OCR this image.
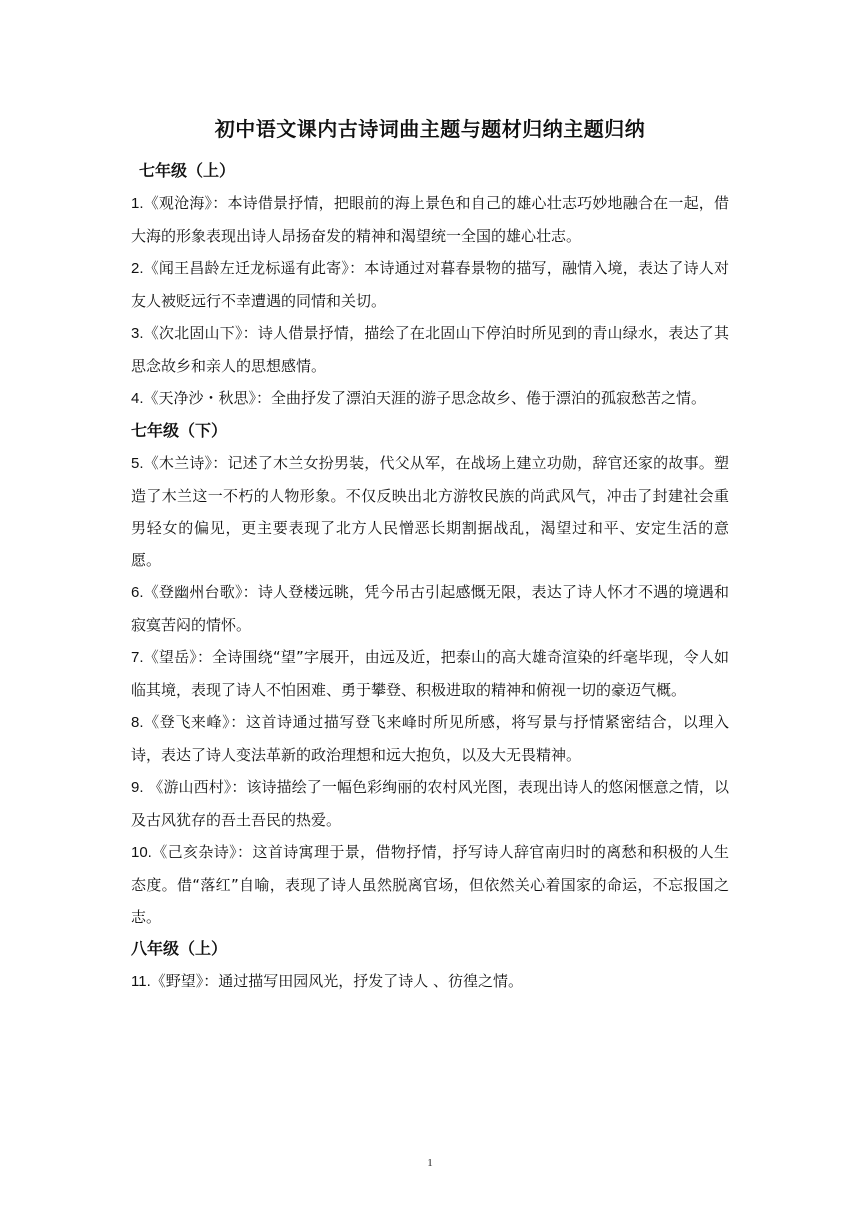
初中语文课内古诗词曲主题与题材归纳主题归纳

七年级（上）

1.《观沧海》：本诗借景抒情，把眼前的海上景色和自己的雄心壮志巧妙地融合在一起，借大海的形象表现出诗人昂扬奋发的精神和渴望统一全国的雄心壮志。

2.《闻王昌龄左迁龙标遥有此寄》：本诗通过对暮春景物的描写，融情入境，表达了诗人对友人被贬远行不幸遭遇的同情和关切。

3.《次北固山下》：诗人借景抒情，描绘了在北固山下停泊时所见到的青山绿水，表达了其思念故乡和亲人的思想感情。

4.《天净沙・秋思》：全曲抒发了漂泊天涯的游子思念故乡、倦于漂泊的孤寂愁苦之情。

七年级（下）

5.《木兰诗》：记述了木兰女扮男装，代父从军，在战场上建立功勋，辞官还家的故事。塑造了木兰这一不朽的人物形象。不仅反映出北方游牧民族的尚武风气，冲击了封建社会重男轻女的偏见，更主要表现了北方人民憎恶长期割据战乱，渴望过和平、安定生活的意愿。

6.《登幽州台歌》：诗人登楼远眺，凭今吊古引起感慨无限，表达了诗人怀才不遇的境遇和寂寞苦闷的情怀。

7.《望岳》：全诗围绕“望”字展开，由远及近，把泰山的高大雄奇渲染的纤毫毕现，令人如临其境，表现了诗人不怕困难、勇于攀登、积极进取的精神和俯视一切的豪迈气概。

8.《登飞来峰》：这首诗通过描写登飞来峰时所见所感，将写景与抒情紧密结合，以理入诗，表达了诗人变法革新的政治理想和远大抱负，以及大无畏精神。

9. 《游山西村》：该诗描绘了一幅色彩绚丽的农村风光图，表现出诗人的悠闲惬意之情，以及古风犹存的吾土吾民的热爱。

10.《己亥杂诗》：这首诗寓理于景，借物抒情，抒写诗人辞官南归时的离愁和积极的人生态度。借“落红”自喻，表现了诗人虽然脱离官场，但依然关心着国家的命运，不忘报国之志。

八年级（上）

11.《野望》：通过描写田园风光，抒发了诗人 、彷徨之情。

1
